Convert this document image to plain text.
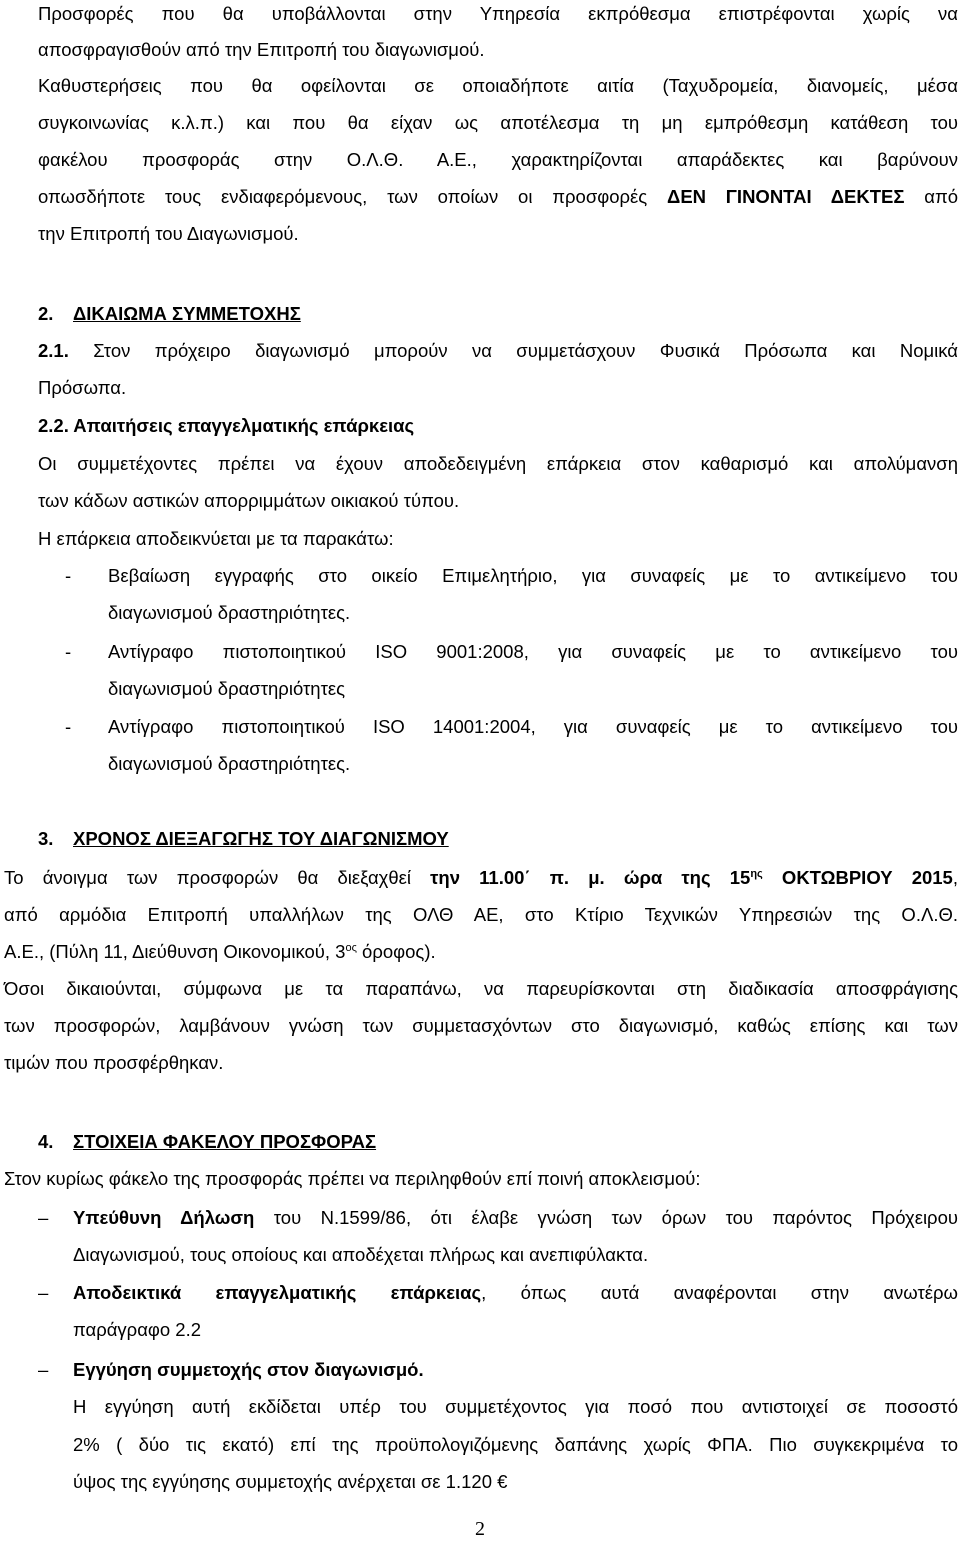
Προσφορές που θα υποβάλλονται στην Υπηρεσία εκπρόθεσμα επιστρέφονται χωρίς να
αποσφραγισθούν από την Επιτροπή του διαγωνισμού.
Καθυστερήσεις που θα οφείλονται σε οποιαδήποτε αιτία (Ταχυδρομεία, διανομείς, μέσα
συγκοινωνίας κ.λ.π.) και που θα είχαν ως αποτέλεσμα τη μη εμπρόθεσμη κατάθεση του
φακέλου προσφοράς στην Ο.Λ.Θ. Α.Ε., χαρακτηρίζονται απαράδεκτες και βαρύνουν
οπωσδήποτε τους ενδιαφερόμενους, των οποίων οι προσφορές ΔΕΝ ΓΙΝΟΝΤΑΙ ΔΕΚΤΕΣ από
την Επιτροπή του Διαγωνισμού.
2. ΔΙΚΑΙΩΜΑ ΣΥΜΜΕΤΟΧΗΣ
2.1. Στον πρόχειρο διαγωνισμό μπορούν να συμμετάσχουν Φυσικά Πρόσωπα και Νομικά
Πρόσωπα.
2.2. Απαιτήσεις επαγγελματικής επάρκειας
Οι συμμετέχοντες πρέπει να έχουν αποδεδειγμένη επάρκεια στον καθαρισμό και απολύμανση
των κάδων αστικών απορριμμάτων οικιακού τύπου.
Η επάρκεια αποδεικνύεται με τα παρακάτω:
-	Βεβαίωση εγγραφής στο οικείο Επιμελητήριο, για συναφείς με το αντικείμενο του
διαγωνισμού δραστηριότητες.
-	Αντίγραφο πιστοποιητικού ISO 9001:2008, για συναφείς με το αντικείμενο του
διαγωνισμού δραστηριότητες
-	Αντίγραφο πιστοποιητικού ISO 14001:2004, για συναφείς με το αντικείμενο του
διαγωνισμού δραστηριότητες.
3. ΧΡΟΝΟΣ ΔΙΕΞΑΓΩΓΗΣ ΤΟΥ ΔΙΑΓΩΝΙΣΜΟΥ
Το άνοιγμα των προσφορών θα διεξαχθεί την 11.00΄ π. μ. ώρα της $15^{\eta\varsigma}$ ΟΚΤΩΒΡΙΟΥ 2015,
από αρμόδια Επιτροπή υπαλλήλων της ΟΛΘ ΑΕ, στο Κτίριο Τεχνικών Υπηρεσιών της Ο.Λ.Θ.
Α.Ε., (Πύλη 11, Διεύθυνση Οικονομικού, $3^{o\varsigma}$ όροφος).
Όσοι δικαιούνται, σύμφωνα με τα παραπάνω, να παρευρίσκονται στη διαδικασία αποσφράγισης
των προσφορών, λαμβάνουν γνώση των συμμετασχόντων στο διαγωνισμό, καθώς επίσης και των
τιμών που προσφέρθηκαν.
4. ΣΤΟΙΧΕΙΑ ΦΑΚΕΛΟΥ ΠΡΟΣΦΟΡΑΣ
Στον κυρίως φάκελο της προσφοράς πρέπει να περιληφθούν επί ποινή αποκλεισμού:
–	Υπεύθυνη Δήλωση του Ν.1599/86, ότι έλαβε γνώση των όρων του παρόντος Πρόχειρου
Διαγωνισμού, τους οποίους και αποδέχεται πλήρως και ανεπιφύλακτα.
–	Αποδεικτικά επαγγελματικής επάρκειας, όπως αυτά αναφέρονται στην ανωτέρω
παράγραφο 2.2
–	Εγγύηση συμμετοχής στον διαγωνισμό.
Η εγγύηση αυτή εκδίδεται υπέρ του συμμετέχοντος για ποσό που αντιστοιχεί σε ποσοστό
2% ( δύο τις εκατό) επί της προϋπολογιζόμενης δαπάνης χωρίς ΦΠΑ. Πιο συγκεκριμένα το
ύψος της εγγύησης συμμετοχής ανέρχεται σε 1.120 €
2
